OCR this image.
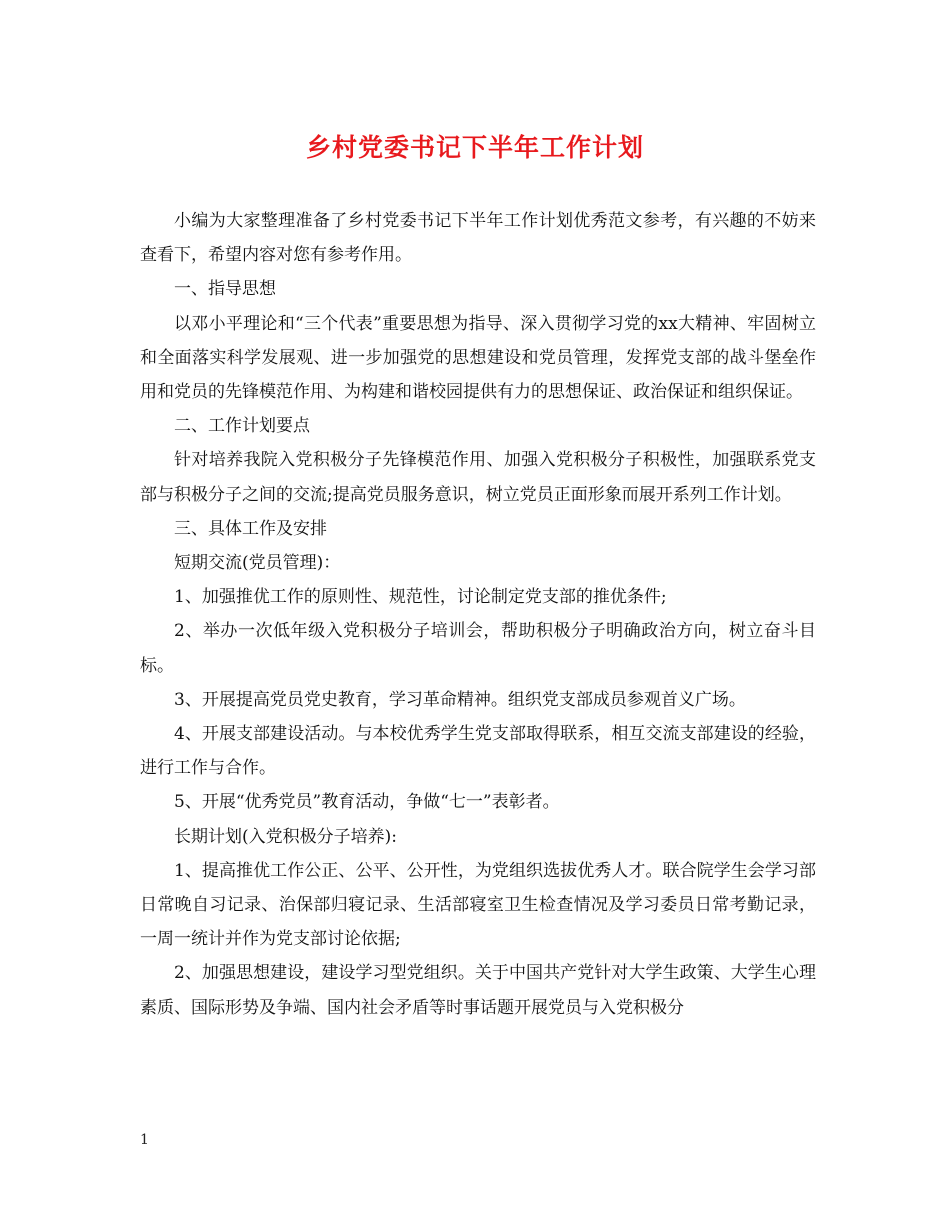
乡村党委书记下半年工作计划

小编为大家整理准备了乡村党委书记下半年工作计划优秀范文参考，有兴趣的不妨来查看下，希望内容对您有参考作用。

一、指导思想

以邓小平理论和“三个代表”重要思想为指导、深入贯彻学习党的xx大精神、牢固树立和全面落实科学发展观、进一步加强党的思想建设和党员管理，发挥党支部的战斗堡垒作用和党员的先锋模范作用、为构建和谐校园提供有力的思想保证、政治保证和组织保证。

二、工作计划要点

针对培养我院入党积极分子先锋模范作用、加强入党积极分子积极性，加强联系党支部与积极分子之间的交流;提高党员服务意识，树立党员正面形象而展开系列工作计划。

三、具体工作及安排

短期交流(党员管理)：

1、加强推优工作的原则性、规范性，讨论制定党支部的推优条件;

2、举办一次低年级入党积极分子培训会，帮助积极分子明确政治方向，树立奋斗目标。

3、开展提高党员党史教育，学习革命精神。组织党支部成员参观首义广场。

4、开展支部建设活动。与本校优秀学生党支部取得联系，相互交流支部建设的经验，进行工作与合作。

5、开展“优秀党员”教育活动，争做“七一”表彰者。

长期计划(入党积极分子培养):

1、提高推优工作公正、公平、公开性，为党组织选拔优秀人才。联合院学生会学习部日常晚自习记录、治保部归寝记录、生活部寝室卫生检查情况及学习委员日常考勤记录，一周一统计并作为党支部讨论依据;

2、加强思想建设，建设学习型党组织。关于中国共产党针对大学生政策、大学生心理素质、国际形势及争端、国内社会矛盾等时事话题开展党员与入党积极分

1
